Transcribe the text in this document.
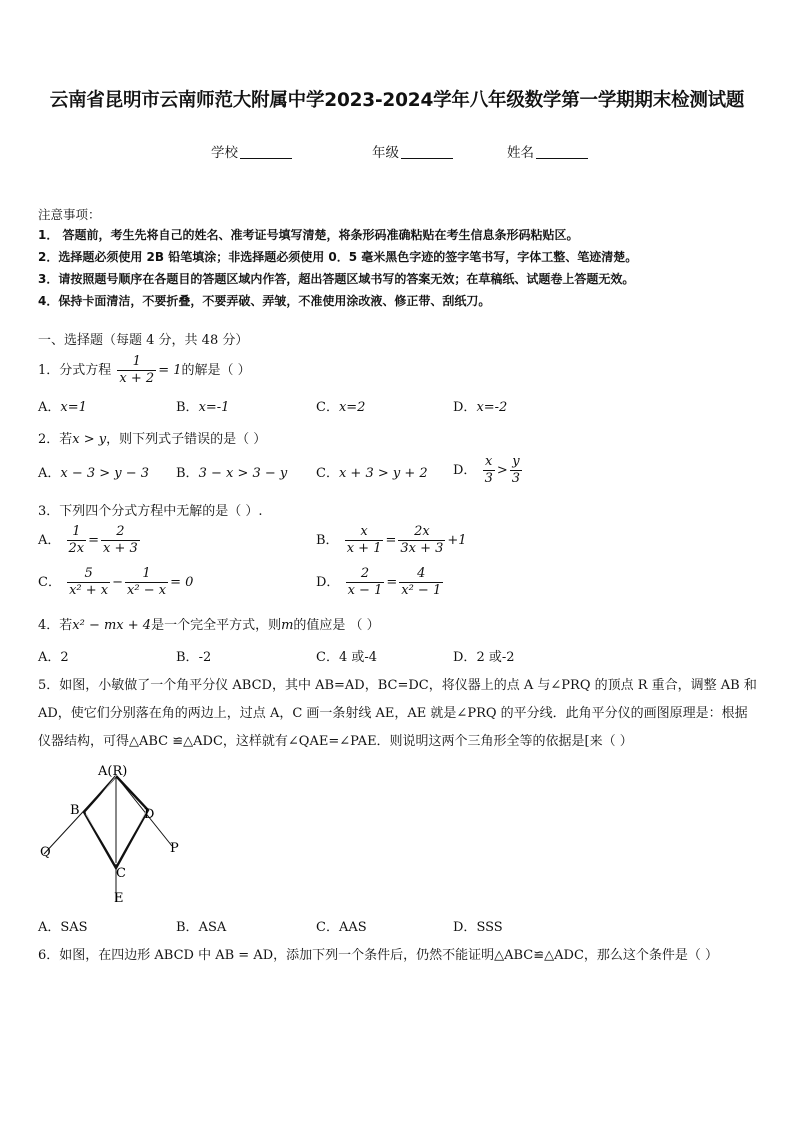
云南省昆明市云南师范大附属中学2023-2024学年八年级数学第一学期期末检测试题
学校	年级	姓名
注意事项：
1． 答题前，考生先将自己的姓名、准考证号填写清楚，将条形码准确粘贴在考生信息条形码粘贴区。
2．选择题必须使用 2B 铅笔填涂；非选择题必须使用 0．5 毫米黑色字迹的签字笔书写，字体工整、笔迹清楚。
3．请按照题号顺序在各题目的答题区域内作答，超出答题区域书写的答案无效；在草稿纸、试题卷上答题无效。
4．保持卡面清洁，不要折叠，不要弄破、弄皱，不准使用涂改液、修正带、刮纸刀。
一、选择题（每题 4 分，共 48 分）
1．分式方程 $\frac{1}{x + 2} = 1$的解是（ ）
A．x=1	B．x=-1	C．x=2	D．x=-2
2．若x > y，则下列式子错误的是（ ）
A．x − 3 > y − 3 B．3 − x > 3 − y C．x + 3 > y + 2 D． $\frac{x}{3} > \frac{y}{3}$
3．下列四个分式方程中无解的是（ ）.
A． $\frac{1}{2x} = \frac{2}{x + 3}$	B． $\frac{x}{x + 1} = \frac{2x}{3x + 3} +1$
C． $\frac{5}{\text{x² + x}} - \frac{1}{\text{x² − x}} = 0$	D． $\frac{2}{x - 1} = \frac{4}{\text{x² − 1}}$
4．若x² − mx + 4是一个完全平方式，则m的值应是 （ ）
A．2	B．-2	C．4 或-4	D．2 或-2
5．如图，小敏做了一个角平分仪 ABCD，其中 AB=AD，BC=DC，将仪器上的点 A 与∠PRQ 的顶点 R 重合，调整 AB 和 AD，使它们分别落在角的两边上，过点 A，C 画一条射线 AE，AE 就是∠PRQ 的平分线．此角平分仪的画图原理是：根据仪器结构，可得△ABC ≌△ADC，这样就有∠QAE=∠PAE．则说明这两个三角形全等的依据是[来（ ）
A(R)
B	D
Q	P
C
E
A．SAS	B．ASA	C．AAS	D．SSS
6．如图，在四边形 ABCD 中 AB = AD，添加下列一个条件后，仍然不能证明△ABC≌△ADC，那么这个条件是（ ）
